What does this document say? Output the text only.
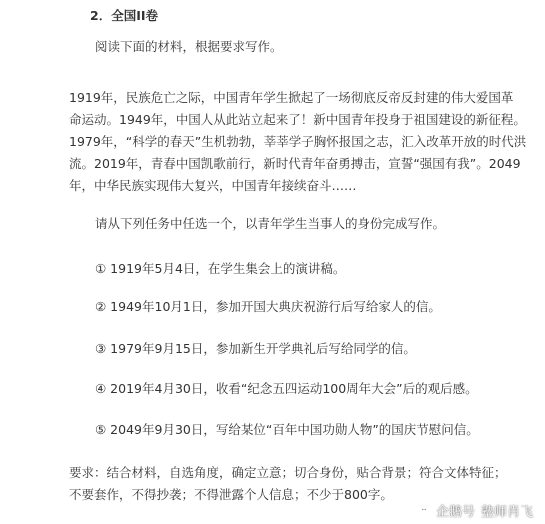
2．全国II卷
阅读下面的材料，根据要求写作。
1919年，民族危亡之际，中国青年学生掀起了一场彻底反帝反封建的伟大爱国革
命运动。1949年，中国人从此站立起来了！新中国青年投身于祖国建设的新征程。
1979年，“科学的春天”生机勃勃，莘莘学子胸怀报国之志，汇入改革开放的时代洪
流。2019年，青春中国凯歌前行，新时代青年奋勇搏击，宣誓“强国有我”。2049
年，中华民族实现伟大复兴，中国青年接续奋斗……
请从下列任务中任选一个，以青年学生当事人的身份完成写作。
① 1919年5月4日，在学生集会上的演讲稿。
② 1949年10月1日，参加开国大典庆祝游行后写给家人的信。
③ 1979年9月15日，参加新生开学典礼后写给同学的信。
④ 2019年4月30日，收看“纪念五四运动100周年大会”后的观后感。
⑤ 2049年9月30日，写给某位“百年中国功勋人物”的国庆节慰问信。
要求：结合材料，自选角度，确定立意；切合身份，贴合背景；符合文体特征；
不要套作，不得抄袭；不得泄露个人信息；不少于800字。
企鹅号 塾师肖飞
